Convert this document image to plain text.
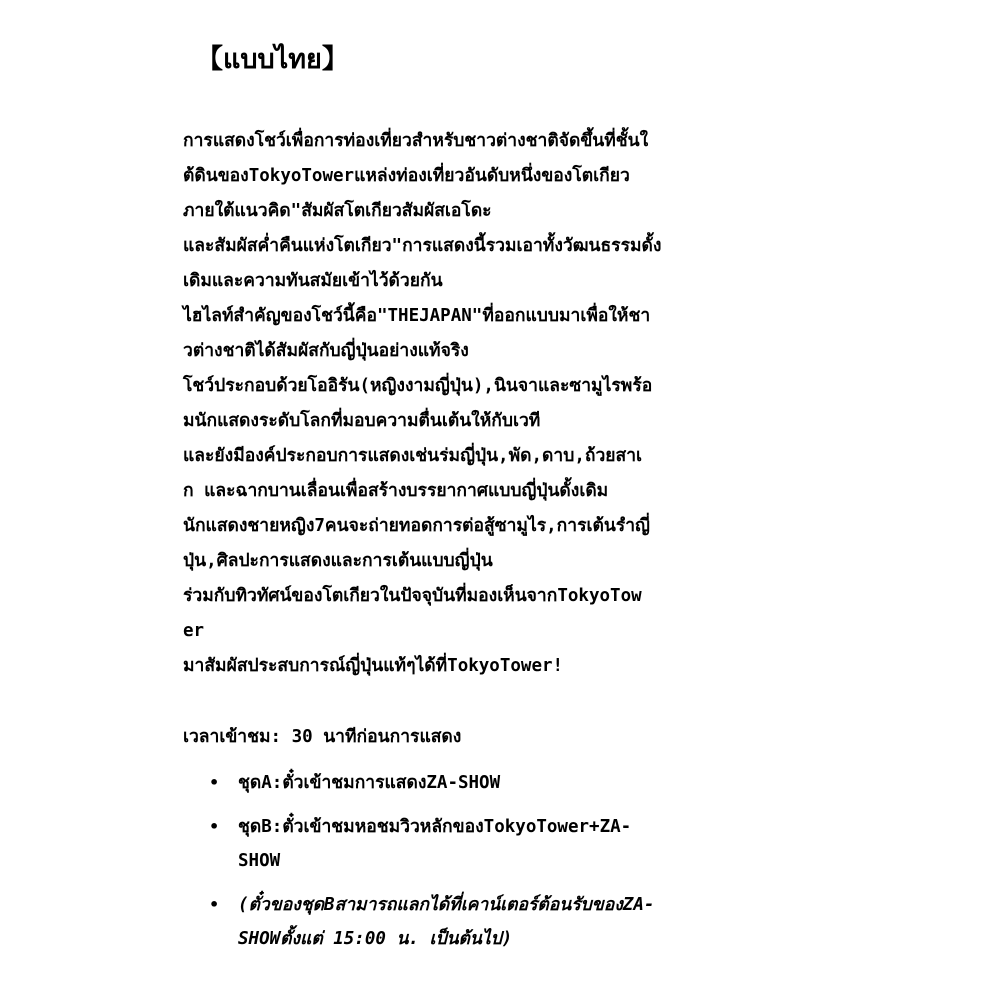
【แบบไทย】
การแสดงโชว์เพื่อการท่องเที่ยวสำหรับชาวต่างชาติจัดขึ้นที่ชั้นใ
ต้ดินของTokyoTowerแหล่งท่องเที่ยวอันดับหนึ่งของโตเกียว
ภายใต้แนวคิด"สัมผัสโตเกียวสัมผัสเอโดะ
และสัมผัสค่ำคืนแห่งโตเกียว"การแสดงนี้รวมเอาทั้งวัฒนธรรมดั้ง
เดิมและความทันสมัยเข้าไว้ด้วยกัน
ไฮไลท์สำคัญของโชว์นี้คือ"THEJAPAN"ที่ออกแบบมาเพื่อให้ชา
วต่างชาติได้สัมผัสกับญี่ปุ่นอย่างแท้จริง
โชว์ประกอบด้วยโออิรัน(หญิงงามญี่ปุ่น),นินจาและซามูไรพร้อ
มนักแสดงระดับโลกที่มอบความตื่นเต้นให้กับเวที
และยังมีองค์ประกอบการแสดงเช่นร่มญี่ปุ่น,พัด,ดาบ,ถ้วยสาเ
ก และฉากบานเลื่อนเพื่อสร้างบรรยากาศแบบญี่ปุ่นดั้งเดิม
นักแสดงชายหญิง7คนจะถ่ายทอดการต่อสู้ซามูไร,การเต้นรำญี่
ปุ่น,ศิลปะการแสดงและการเต้นแบบญี่ปุ่น
ร่วมกับทิวทัศน์ของโตเกียวในปัจจุบันที่มองเห็นจากTokyoTow
er
มาสัมผัสประสบการณ์ญี่ปุ่นแท้ๆได้ที่TokyoTower!
เวลาเข้าชม: 30 นาทีก่อนการแสดง
• ชุดA:ตั๋วเข้าชมการแสดงZA-SHOW
• ชุดB:ตั๋วเข้าชมหอชมวิวหลักของTokyoTower+ZA-
SHOW
• (ตั๋วของชุดBสามารถแลกได้ที่เคาน์เตอร์ต้อนรับของZA-
SHOWตั้งแต่ 15:00 น. เป็นต้นไป)
